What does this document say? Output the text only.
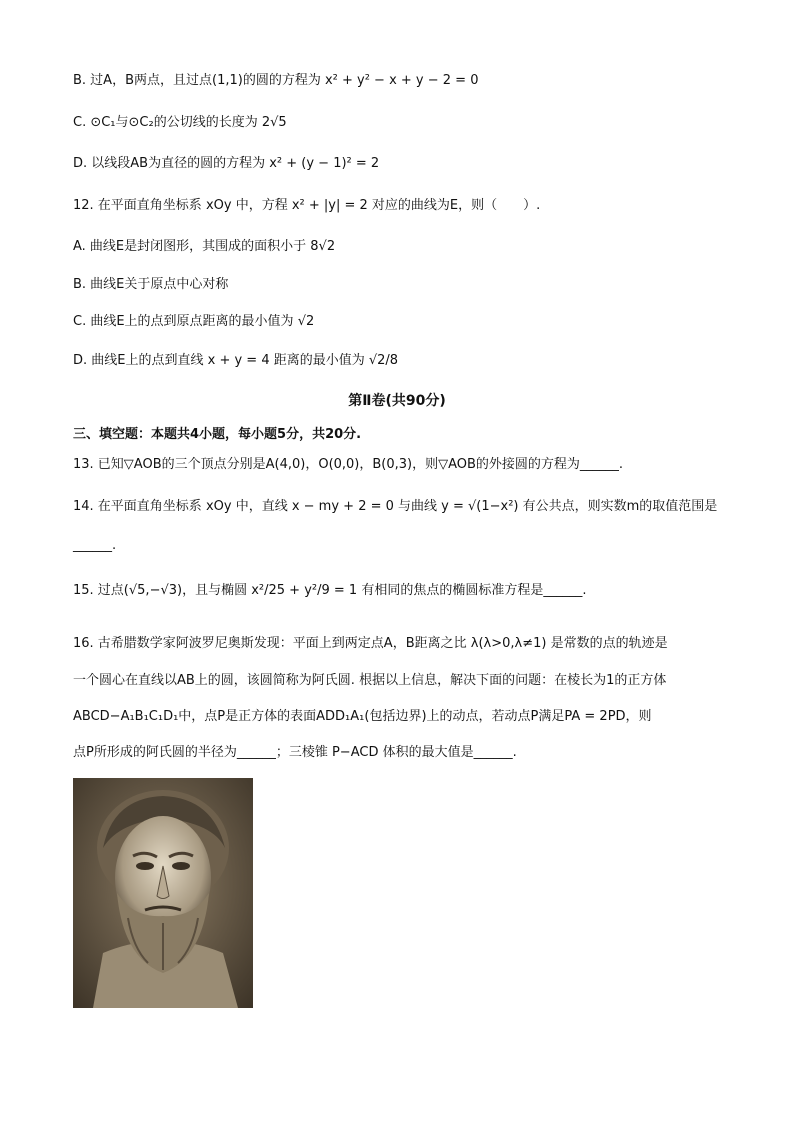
B. 过A，B两点，且过点(1,1)的圆的方程为 x² + y² − x + y − 2 = 0
C. ⊙C₁与⊙C₂的公切线的长度为 2√5
D. 以线段AB为直径的圆的方程为 x² + (y − 1)² = 2
12. 在平面直角坐标系 xOy 中，方程 x² + |y| = 2 对应的曲线为E，则（　　）.
A. 曲线E是封闭图形，其围成的面积小于 8√2
B. 曲线E关于原点中心对称
C. 曲线E上的点到原点距离的最小值为 √2
D. 曲线E上的点到直线 x + y = 4 距离的最小值为 √2/8
第Ⅱ卷(共90分)
三、填空题：本题共4小题，每小题5分，共20分.
13. 已知▽AOB的三个顶点分别是A(4,0)，O(0,0)，B(0,3)，则▽AOB的外接圆的方程为______.
14. 在平面直角坐标系 xOy 中，直线 x − my + 2 = 0 与曲线 y = √(1−x²) 有公共点，则实数m的取值范围是
______.
15. 过点(√5,−√3)，且与椭圆 x²/25 + y²/9 = 1 有相同的焦点的椭圆标准方程是______.
16. 古希腊数学家阿波罗尼奥斯发现：平面上到两定点A，B距离之比 λ(λ>0,λ≠1) 是常数的点的轨迹是
一个圆心在直线以AB上的圆，该圆简称为阿氏圆. 根据以上信息，解决下面的问题：在棱长为1的正方体
ABCD−A₁B₁C₁D₁中，点P是正方体的表面ADD₁A₁(包括边界)上的动点，若动点P满足PA = 2PD，则
点P所形成的阿氏圆的半径为______；三棱锥 P−ACD 体积的最大值是______.
